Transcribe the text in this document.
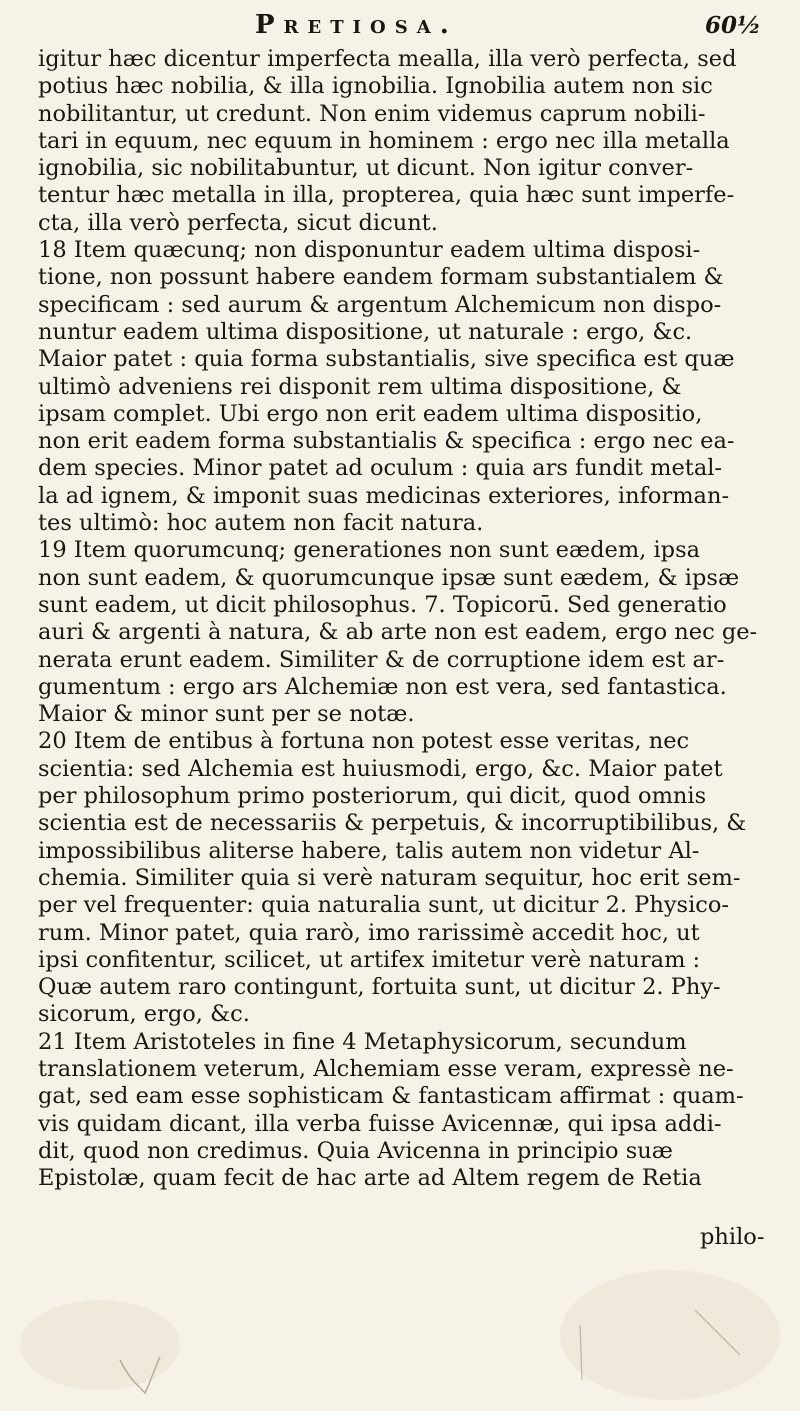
Pretiosa.	60½
igitur hæc dicentur imperfecta mealla, illa verò perfecta, sed
potius hæc nobilia, & illa ignobilia. Ignobilia autem non sic
nobilitantur, ut credunt. Non enim videmus caprum nobili-
tari in equum, nec equum in hominem : ergo nec illa metalla
ignobilia, sic nobilitabuntur, ut dicunt. Non igitur conver-
tentur hæc metalla in illa, propterea, quia hæc sunt imperfe-
cta, illa verò perfecta, sicut dicunt.
18 Item quæcunq; non disponuntur eadem ultima disposi-
tione, non possunt habere eandem formam substantialem &
specificam : sed aurum & argentum Alchemicum non dispo-
nuntur eadem ultima dispositione, ut naturale : ergo, &c.
Maior patet : quia forma substantialis, sive specifica est quæ
ultimò adveniens rei disponit rem ultima dispositione, &
ipsam complet. Ubi ergo non erit eadem ultima dispositio,
non erit eadem forma substantialis & specifica : ergo nec ea-
dem species. Minor patet ad oculum : quia ars fundit metal-
la ad ignem, & imponit suas medicinas exteriores, informan-
tes ultimò: hoc autem non facit natura.
19 Item quorumcunq; generationes non sunt eædem, ipsa
non sunt eadem, & quorumcunque ipsæ sunt eædem, & ipsæ
sunt eadem, ut dicit philosophus. 7. Topicorū. Sed generatio
auri & argenti à natura, & ab arte non est eadem, ergo nec ge-
nerata erunt eadem. Similiter & de corruptione idem est ar-
gumentum : ergo ars Alchemiæ non est vera, sed fantastica.
Maior & minor sunt per se notæ.
20 Item de entibus à fortuna non potest esse veritas, nec
scientia: sed Alchemia est huiusmodi, ergo, &c. Maior patet
per philosophum primo posteriorum, qui dicit, quod omnis
scientia est de necessariis & perpetuis, & incorruptibilibus, &
impossibilibus aliterse habere, talis autem non videtur Al-
chemia. Similiter quia si verè naturam sequitur, hoc erit sem-
per vel frequenter: quia naturalia sunt, ut dicitur 2. Physico-
rum. Minor patet, quia rarò, imo rarissimè accedit hoc, ut
ipsi confitentur, scilicet, ut artifex imitetur verè naturam :
Quæ autem raro contingunt, fortuita sunt, ut dicitur 2. Phy-
sicorum, ergo, &c.
21 Item Aristoteles in fine 4 Metaphysicorum, secundum
translationem veterum, Alchemiam esse veram, expressè ne-
gat, sed eam esse sophisticam & fantasticam affirmat : quam-
vis quidam dicant, illa verba fuisse Avicennæ, qui ipsa addi-
dit, quod non credimus. Quia Avicenna in principio suæ
Epistolæ, quam fecit de hac arte ad Altem regem de Retia
philo-
